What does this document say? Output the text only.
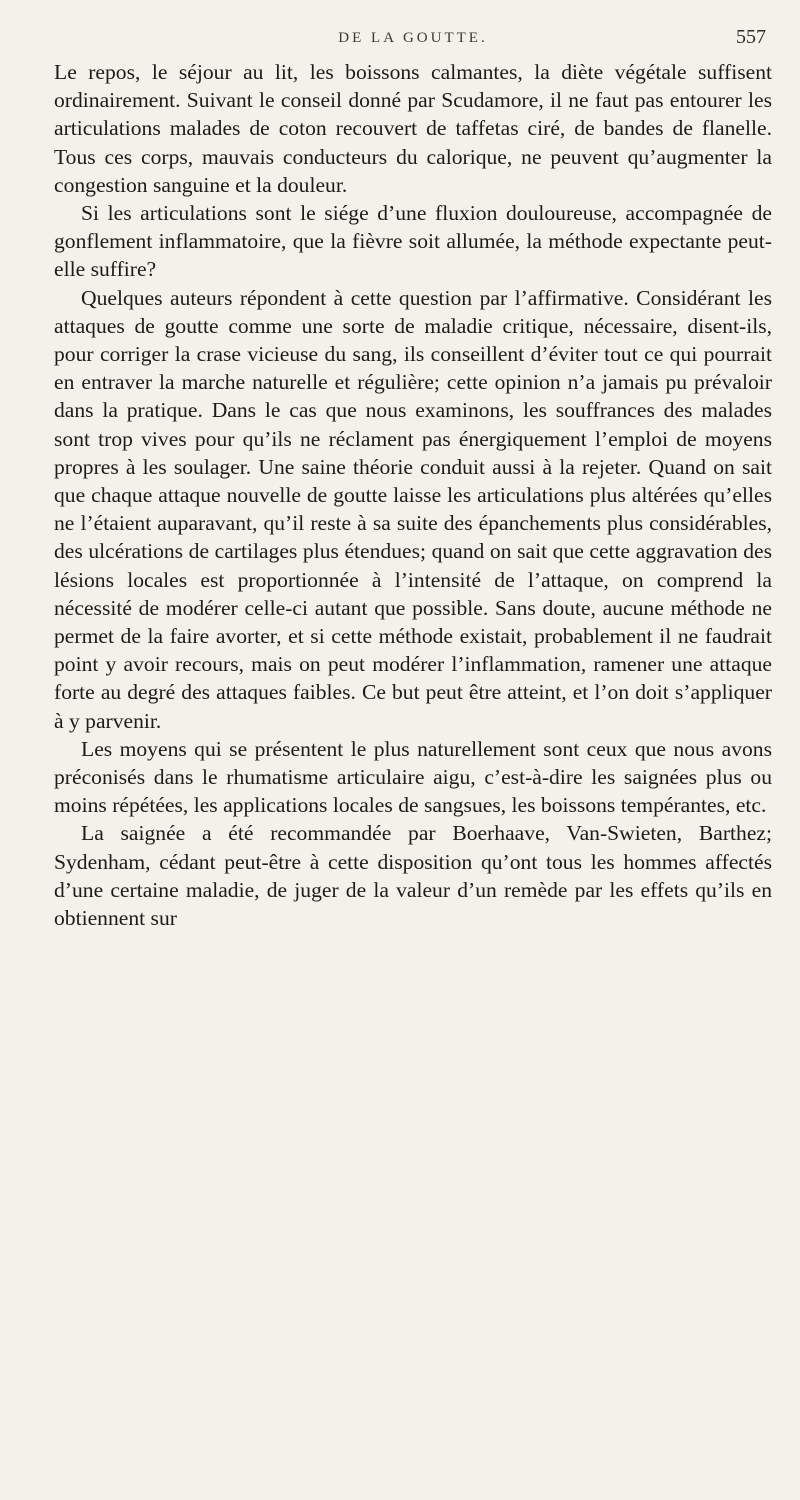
DE LA GOUTTE.	557

Le repos, le séjour au lit, les boissons calmantes, la diète végétale suffisent ordinairement. Suivant le conseil donné par Scudamore, il ne faut pas entourer les articulations malades de coton recouvert de taffetas ciré, de bandes de flanelle. Tous ces corps, mauvais conducteurs du calorique, ne peuvent qu’augmenter la congestion sanguine et la douleur.

Si les articulations sont le siége d’une fluxion douloureuse, accompagnée de gonflement inflammatoire, que la fièvre soit allumée, la méthode expectante peut-elle suffire?

Quelques auteurs répondent à cette question par l’affirmative. Considérant les attaques de goutte comme une sorte de maladie critique, nécessaire, disent-ils, pour corriger la crase vicieuse du sang, ils conseillent d’éviter tout ce qui pourrait en entraver la marche naturelle et régulière; cette opinion n’a jamais pu prévaloir dans la pratique. Dans le cas que nous examinons, les souffrances des malades sont trop vives pour qu’ils ne réclament pas énergiquement l’emploi de moyens propres à les soulager. Une saine théorie conduit aussi à la rejeter. Quand on sait que chaque attaque nouvelle de goutte laisse les articulations plus altérées qu’elles ne l’étaient auparavant, qu’il reste à sa suite des épanchements plus considérables, des ulcérations de cartilages plus étendues; quand on sait que cette aggravation des lésions locales est proportionnée à l’intensité de l’attaque, on comprend la nécessité de modérer celle-ci autant que possible. Sans doute, aucune méthode ne permet de la faire avorter, et si cette méthode existait, probablement il ne faudrait point y avoir recours, mais on peut modérer l’inflammation, ramener une attaque forte au degré des attaques faibles. Ce but peut être atteint, et l’on doit s’appliquer à y parvenir.

Les moyens qui se présentent le plus naturellement sont ceux que nous avons préconisés dans le rhumatisme articulaire aigu, c’est-à-dire les saignées plus ou moins répétées, les applications locales de sangsues, les boissons tempérantes, etc.

La saignée a été recommandée par Boerhaave, Van-Swieten, Barthez; Sydenham, cédant peut-être à cette disposition qu’ont tous les hommes affectés d’une certaine maladie, de juger de la valeur d’un remède par les effets qu’ils en obtiennent sur
